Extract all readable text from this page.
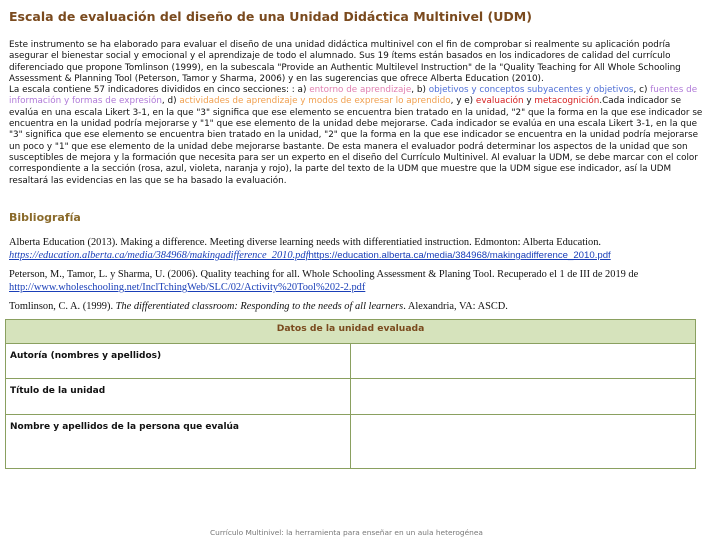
Escala de evaluación del diseño de una Unidad Didáctica Multinivel (UDM)

Este instrumento se ha elaborado para evaluar el diseño de una unidad didáctica multinivel con el fin de comprobar si realmente su aplicación podría asegurar el bienestar social y emocional y el aprendizaje de todo el alumnado. Sus 19 ítems están basados en los indicadores de calidad del currículo diferenciado que propone Tomlinson (1999), en la subescala "Provide an Authentic Multilevel Instruction" de la "Quality Teaching for All Whole Schooling Assessment & Planning Tool (Peterson, Tamor y Sharma, 2006) y en las sugerencias que ofrece Alberta Education (2010).

La escala contiene 57 indicadores divididos en cinco secciones: : a) entorno de aprendizaje, b) objetivos y conceptos subyacentes y objetivos, c) fuentes de información y formas de expresión, d) actividades de aprendizaje y modos de expresar lo aprendido, y e) evaluación y metacognición.Cada indicador se evalúa en una escala Likert 3-1, en la que "3" significa que ese elemento se encuentra bien tratado en la unidad, "2" que la forma en la que ese indicador se encuentra en la unidad podría mejorarse y "1" que ese elemento de la unidad debe mejorarse. Cada indicador se evalúa en una escala Likert 3-1, en la que "3" significa que ese elemento se encuentra bien tratado en la unidad, "2" que la forma en la que ese indicador se encuentra en la unidad podría mejorarse un poco y "1" que ese elemento de la unidad debe mejorarse bastante. De esta manera el evaluador podrá determinar los aspectos de la unidad que son susceptibles de mejora y la formación que necesita para ser un experto en el diseño del Currículo Multinivel. Al evaluar la UDM, se debe marcar con el color correspondiente a la sección (rosa, azul, violeta, naranja y rojo), la parte del texto de la UDM que muestre que la UDM sigue ese indicador, así la UDM resaltará las evidencias en las que se ha basado la evaluación.

Bibliografía

Alberta Education (2013). Making a difference. Meeting diverse learning needs with differentiatied instruction. Edmonton: Alberta Education. https://education.alberta.ca/media/384968/makingadifference_2010.pdfhttps://education.alberta.ca/media/384968/makingadifference_2010.pdf

Peterson, M., Tamor, L. y Sharma, U. (2006). Quality teaching for all. Whole Schooling Assessment & Planing Tool. Recuperado el 1 de III de 2019 de http://www.wholeschooling.net/InclTchingWeb/SLC/02/Activity%20Tool%202-2.pdf

Tomlinson, C. A. (1999). The differentiated classroom: Responding to the needs of all learners. Alexandria, VA: ASCD.

Datos de la unidad evaluada	
Autoría (nombres y apellidos)	
Título de la unidad	
Nombre y apellidos de la persona que evalúa	
Currículo Multinivel: la herramienta para enseñar en un aula heterogénea
